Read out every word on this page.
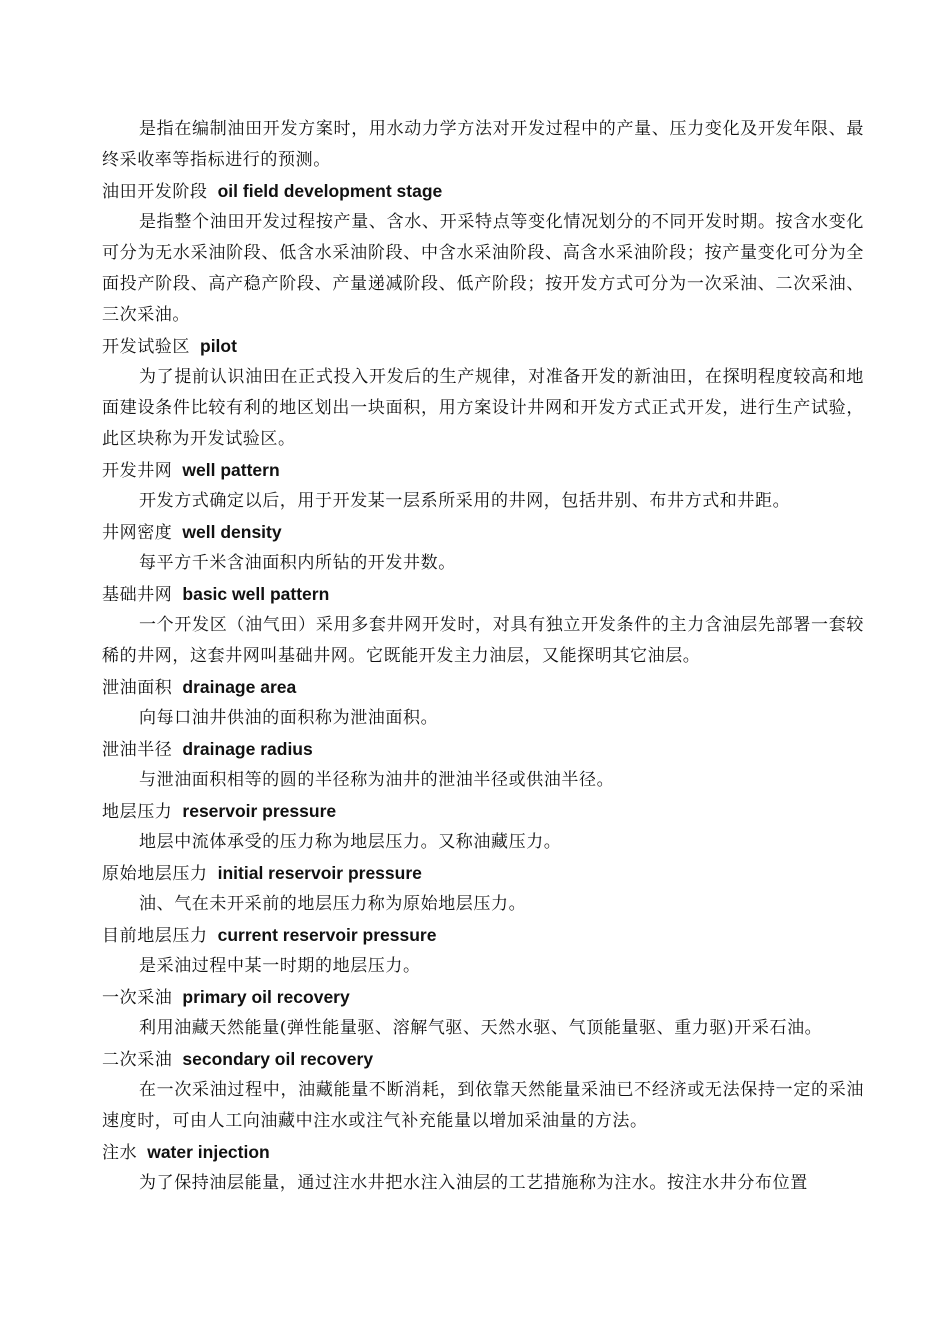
是指在编制油田开发方案时，用水动力学方法对开发过程中的产量、压力变化及开发年限、最终采收率等指标进行的预测。

油田开发阶段 oil field development stage

是指整个油田开发过程按产量、含水、开采特点等变化情况划分的不同开发时期。按含水变化可分为无水采油阶段、低含水采油阶段、中含水采油阶段、高含水采油阶段；按产量变化可分为全面投产阶段、高产稳产阶段、产量递减阶段、低产阶段；按开发方式可分为一次采油、二次采油、三次采油。

开发试验区 pilot

为了提前认识油田在正式投入开发后的生产规律，对准备开发的新油田，在探明程度较高和地面建设条件比较有利的地区划出一块面积，用方案设计井网和开发方式正式开发，进行生产试验，此区块称为开发试验区。

开发井网 well pattern

开发方式确定以后，用于开发某一层系所采用的井网，包括井别、布井方式和井距。

井网密度 well density

每平方千米含油面积内所钻的开发井数。

基础井网 basic well pattern

一个开发区（油气田）采用多套井网开发时，对具有独立开发条件的主力含油层先部署一套较稀的井网，这套井网叫基础井网。它既能开发主力油层，又能探明其它油层。

泄油面积 drainage area

向每口油井供油的面积称为泄油面积。

泄油半径 drainage radius

与泄油面积相等的圆的半径称为油井的泄油半径或供油半径。

地层压力 reservoir pressure

地层中流体承受的压力称为地层压力。又称油藏压力。

原始地层压力 initial reservoir pressure

油、气在未开采前的地层压力称为原始地层压力。

目前地层压力 current reservoir pressure

是采油过程中某一时期的地层压力。

一次采油 primary oil recovery

利用油藏天然能量(弹性能量驱、溶解气驱、天然水驱、气顶能量驱、重力驱)开采石油。

二次采油 secondary oil recovery

在一次采油过程中，油藏能量不断消耗，到依靠天然能量采油已不经济或无法保持一定的采油速度时，可由人工向油藏中注水或注气补充能量以增加采油量的方法。

注水 water injection

为了保持油层能量，通过注水井把水注入油层的工艺措施称为注水。按注水井分布位置
